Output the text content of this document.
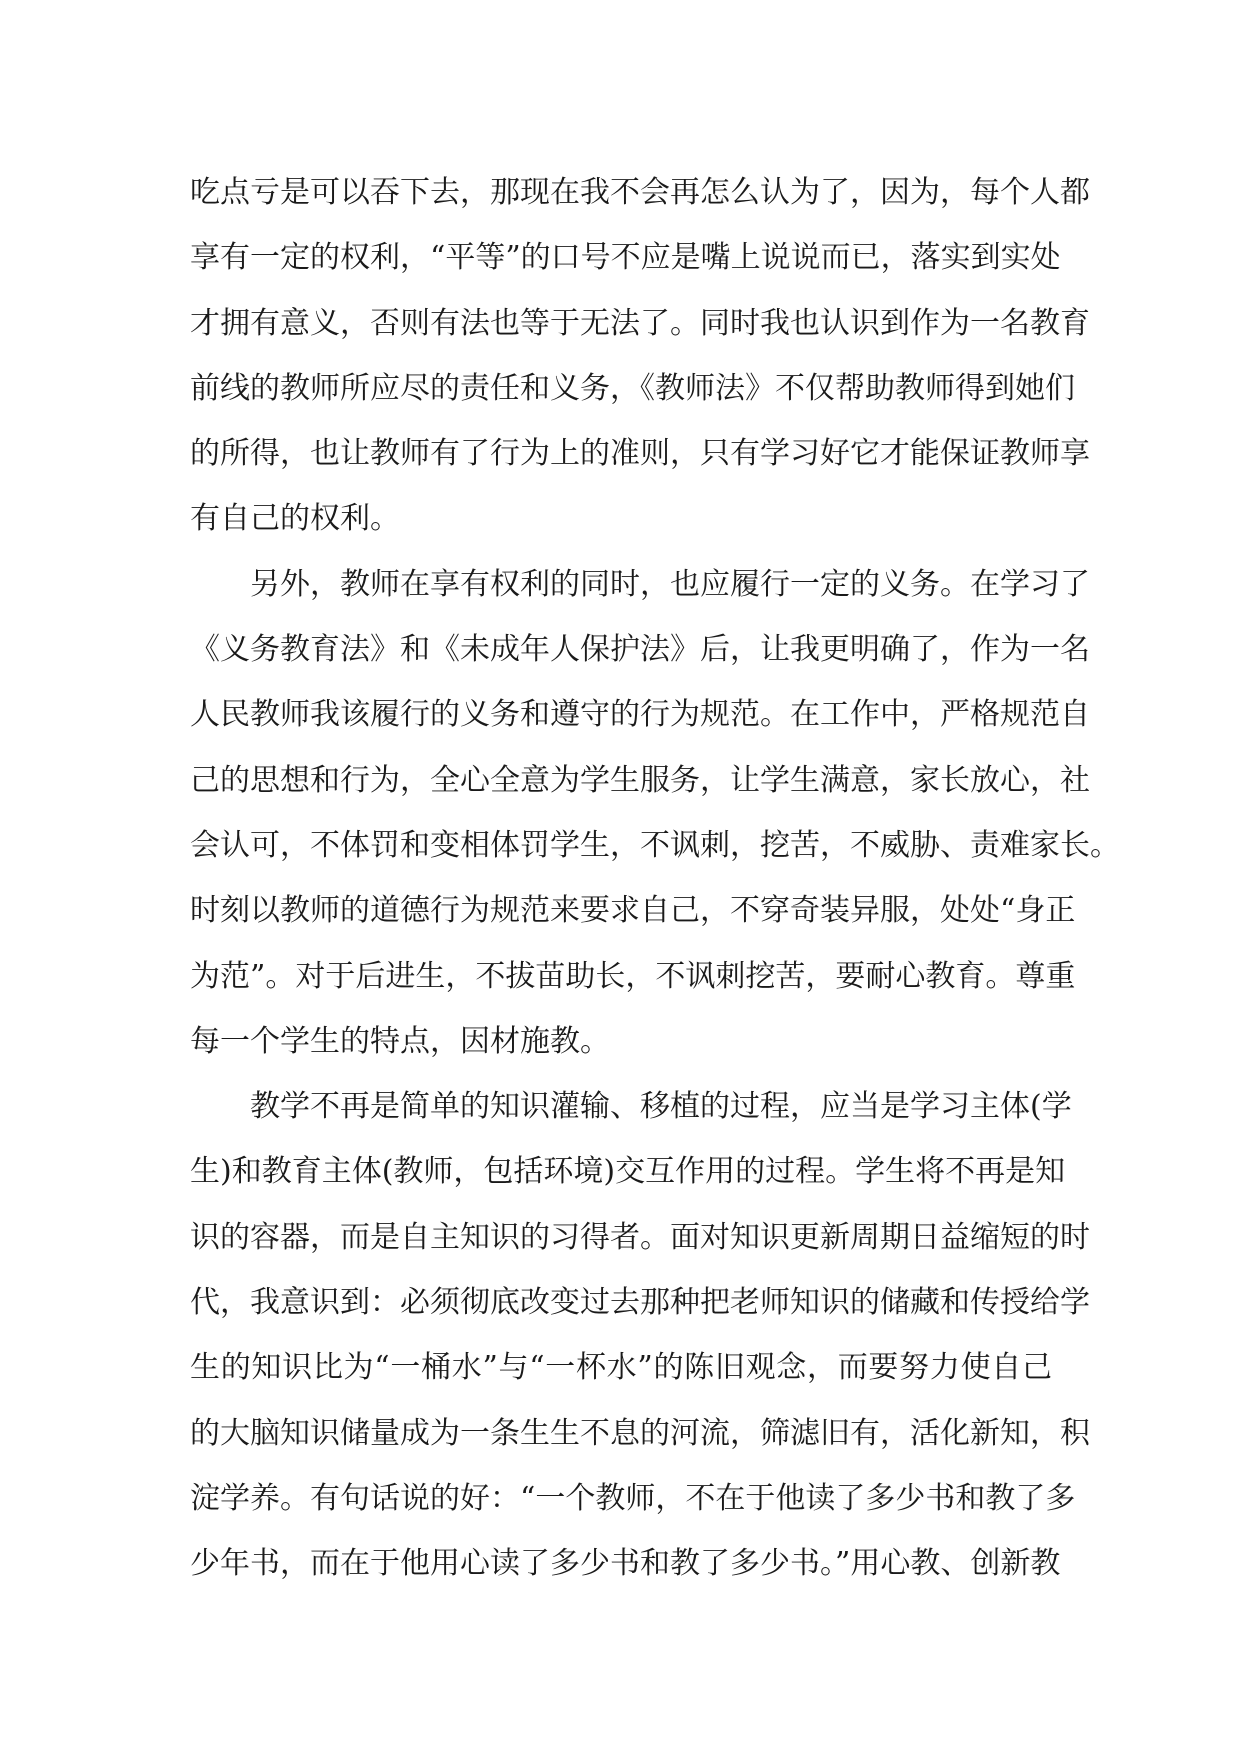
吃点亏是可以吞下去，那现在我不会再怎么认为了，因为，每个人都
享有一定的权利，“平等”的口号不应是嘴上说说而已，落实到实处
才拥有意义，否则有法也等于无法了。同时我也认识到作为一名教育
前线的教师所应尽的责任和义务，《教师法》不仅帮助教师得到她们
的所得，也让教师有了行为上的准则，只有学习好它才能保证教师享
有自己的权利。
另外，教师在享有权利的同时，也应履行一定的义务。在学习了
《义务教育法》和《未成年人保护法》后，让我更明确了，作为一名
人民教师我该履行的义务和遵守的行为规范。在工作中，严格规范自
己的思想和行为，全心全意为学生服务，让学生满意，家长放心，社
会认可，不体罚和变相体罚学生，不讽刺，挖苦，不威胁、责难家长。
时刻以教师的道德行为规范来要求自己，不穿奇装异服，处处“身正
为范”。对于后进生，不拔苗助长，不讽刺挖苦，要耐心教育。尊重
每一个学生的特点，因材施教。
教学不再是简单的知识灌输、移植的过程，应当是学习主体(学
生)和教育主体(教师，包括环境)交互作用的过程。学生将不再是知
识的容器，而是自主知识的习得者。面对知识更新周期日益缩短的时
代，我意识到：必须彻底改变过去那种把老师知识的储藏和传授给学
生的知识比为“一桶水”与“一杯水”的陈旧观念，而要努力使自己
的大脑知识储量成为一条生生不息的河流，筛滤旧有，活化新知，积
淀学养。有句话说的好：“一个教师，不在于他读了多少书和教了多
少年书，而在于他用心读了多少书和教了多少书。”用心教、创新教
